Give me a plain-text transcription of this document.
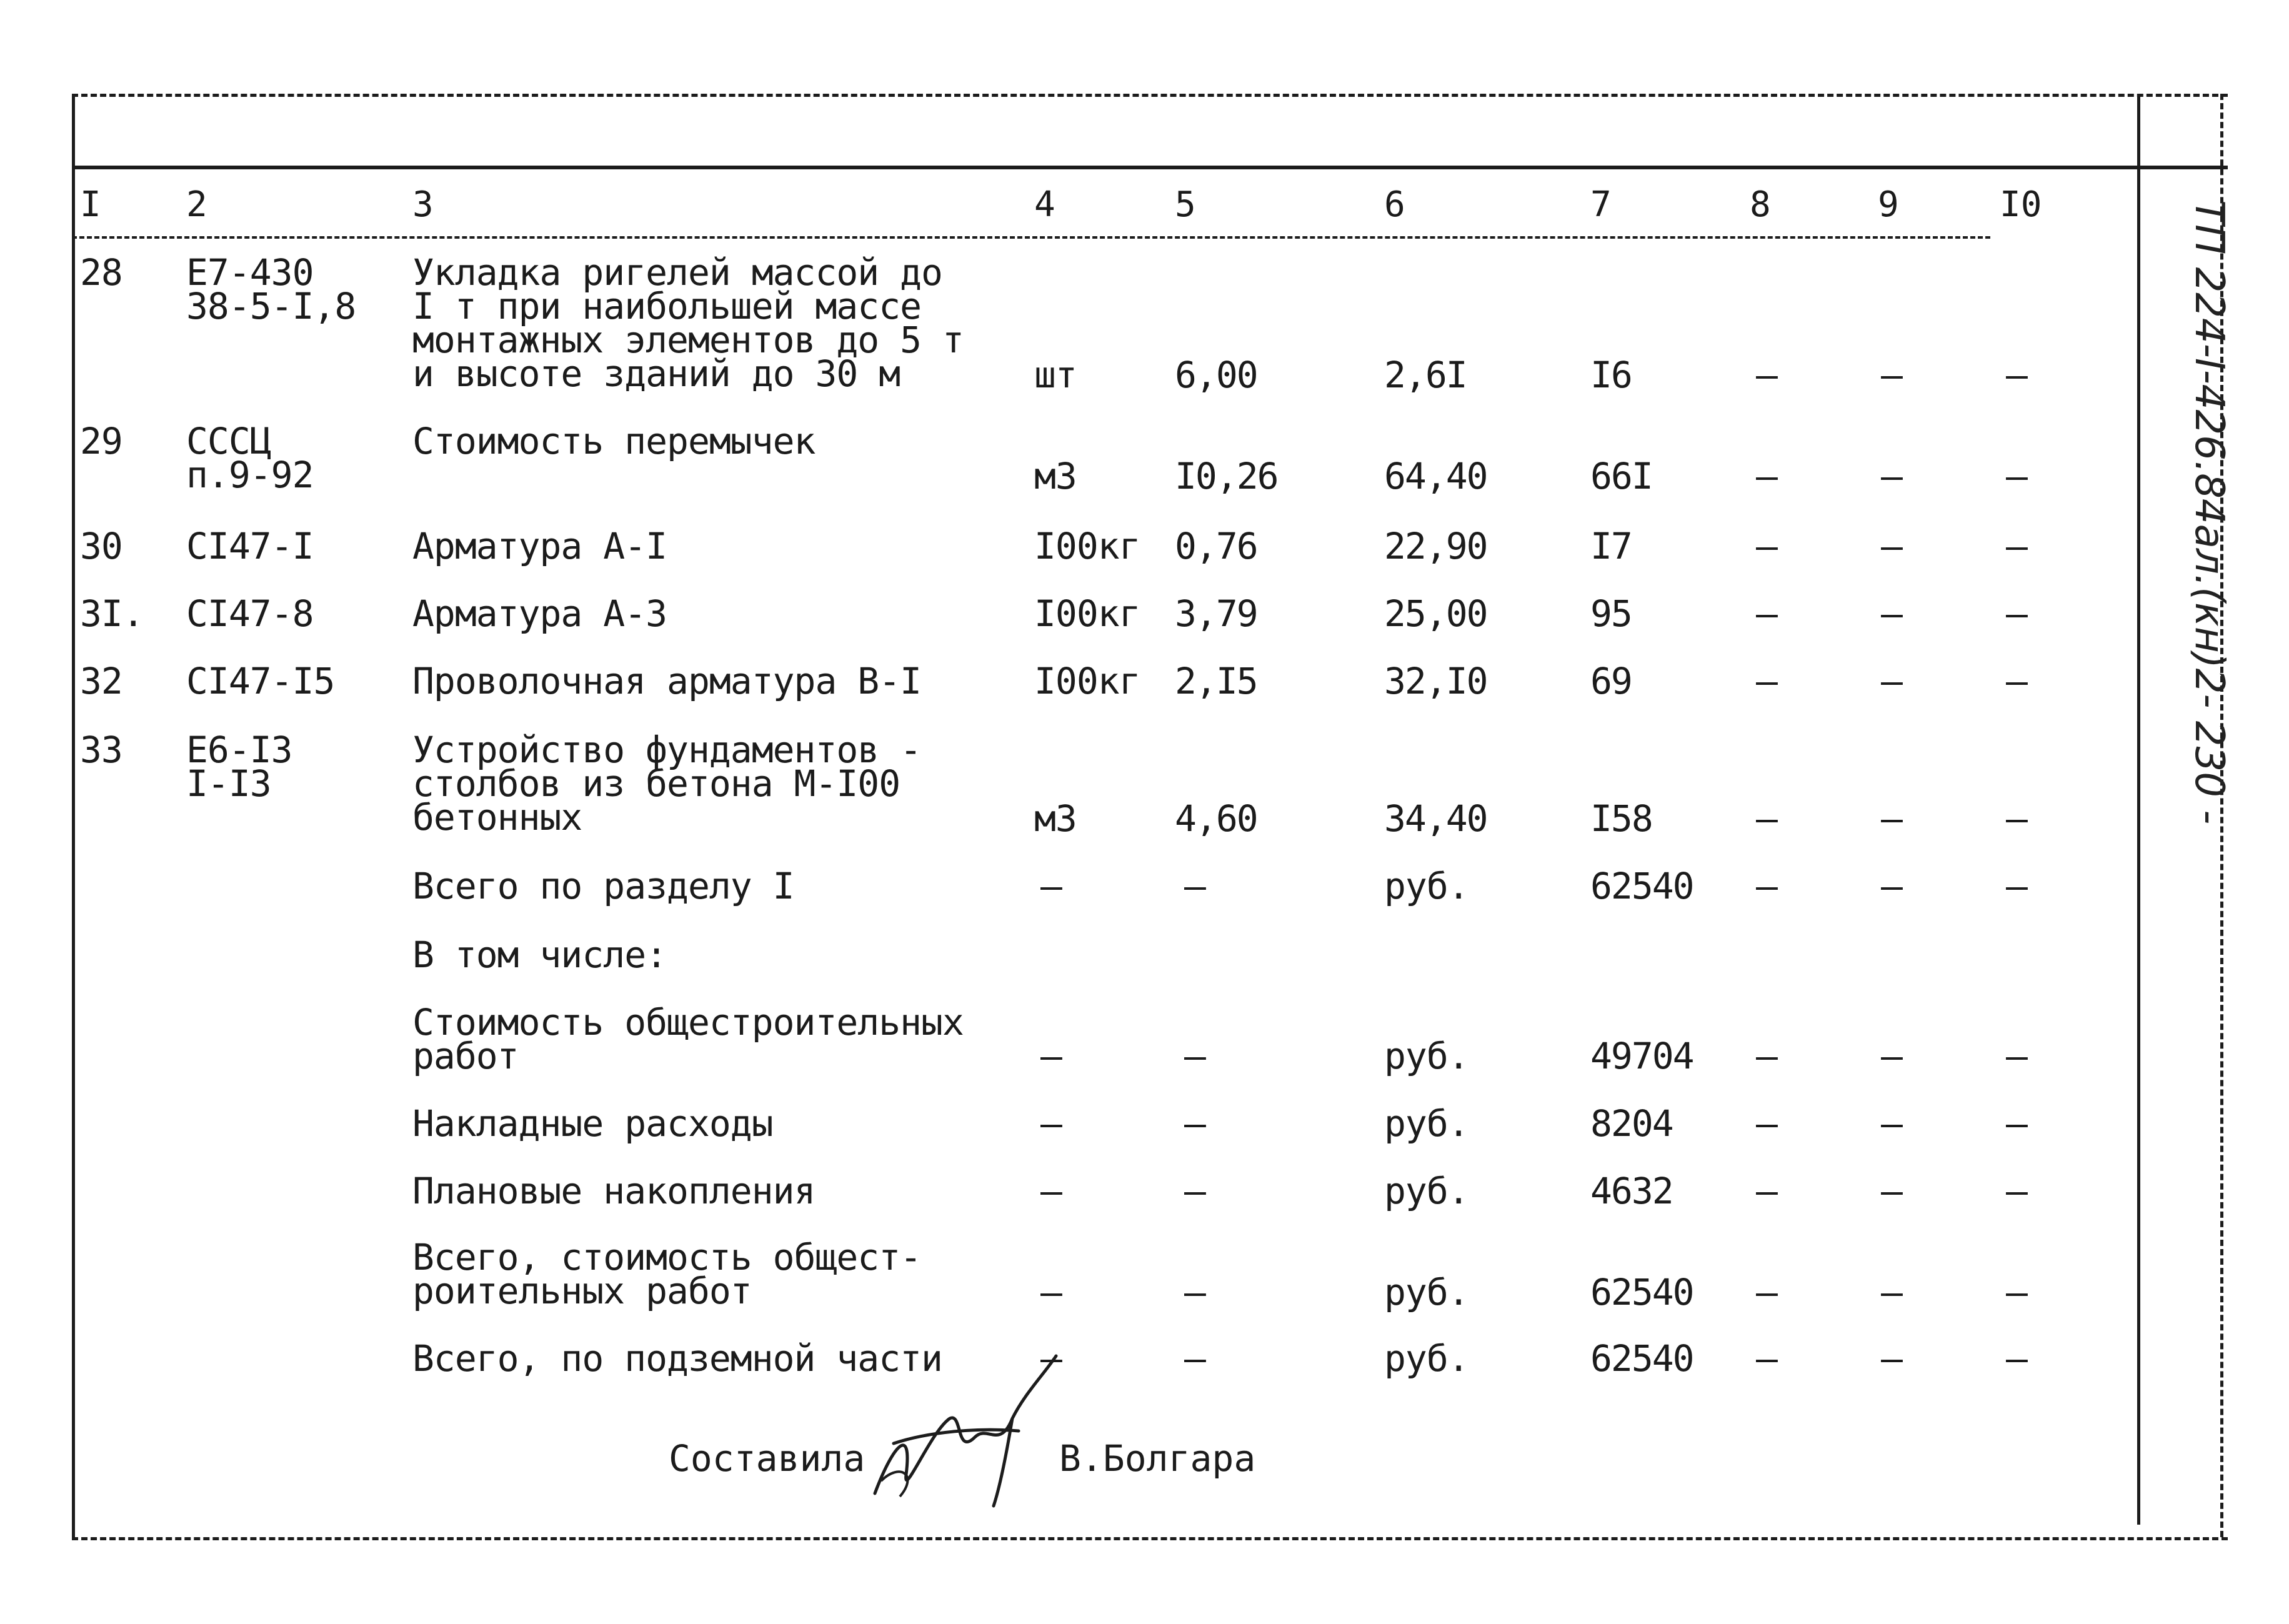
I 2	3	4	5	6	7	8	9	I0
28 Е7-430
38-5-I,8
Укладка ригелей массой до
I т при наибольшей массе
монтажных элементов до 5 т
и высоте зданий до 30 м	шт	6,00	2,6I	I6	–	–	–
29 СССЦ
п.9-92
Стоимость перемычек
м3	I0,26	64,40	66I	–	–	–
30 СI47-I	Арматура А-I	I00кг 0,76	22,90	I7	–	–	–
3I. СI47-8	Арматура А-3	I00кг 3,79	25,00	95	–	–	–
32 СI47-I5 Проволочная арматура В-I	I00кг 2,I5	32,I0	69	–	–	–
33 Е6-I3
I-I3
Устройство фундаментов -
столбов из бетона М-I00
бетонных	м3	4,60	34,40	I58	–	–	–
Всего по разделу I	–	–	руб.	62540 –	–	–
В том числе:
Стоимость общестроительных
работ	–	–	руб.	49704 –	–	–
Накладные расходы	–	–	руб.	8204 –	–	–
Плановые накопления	–	–	руб.	4632 –	–	–
Всего, стоимость общест-
роительных работ	–	–	руб.	62540 –	–	–
Всего, по подземной части	–	–	руб.	62540 –	–	–
Составила	В.Болгара
ТП 224-I-426.84ал.(кн)2- 230 -
